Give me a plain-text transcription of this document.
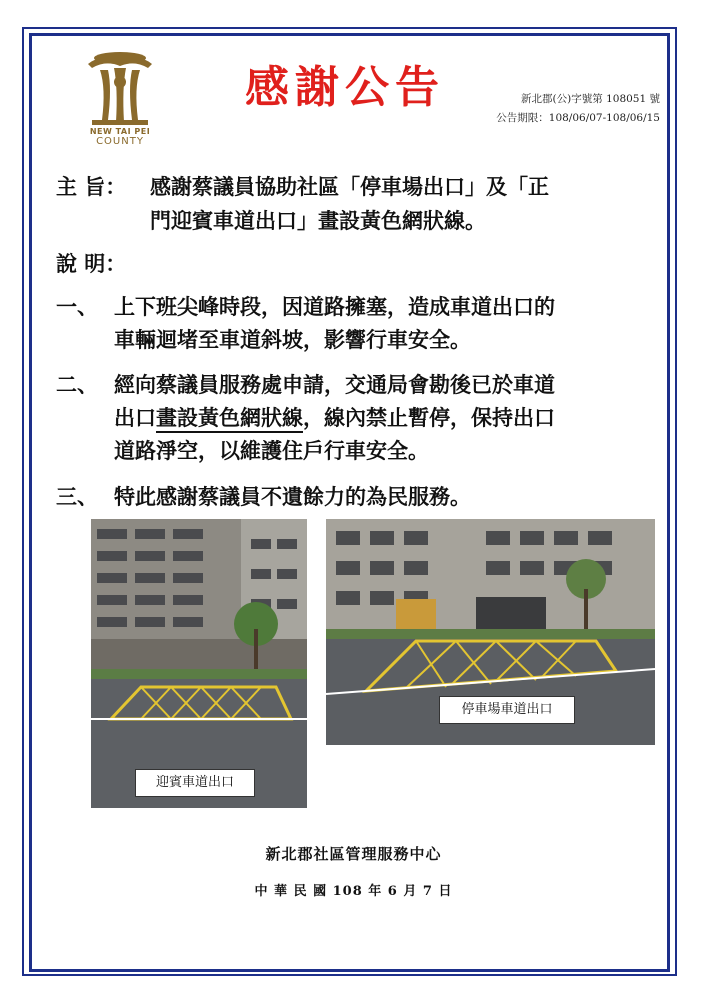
NEW TAI PEI
COUNTY
感謝公告	新北郡(公)字號第 108051 號
公告期限：108/06/07-108/06/15
主 旨： 感謝蔡議員協助社區「停車場出口」及「正
門迎賓車道出口」畫設黃色網狀線。
說 明：
一、 上下班尖峰時段，因道路擁塞，造成車道出口的
車輛迴堵至車道斜坡，影響行車安全。
二、 經向蔡議員服務處申請，交通局會勘後已於車道
出口畫設黃色網狀線，線內禁止暫停，保持出口
道路淨空，以維護住戶行車安全。
三、 特此感謝蔡議員不遺餘力的為民服務。
迎賓車道出口
停車場車道出口
新北郡社區管理服務中心
中 華 民 國 108 年 6 月 7 日
